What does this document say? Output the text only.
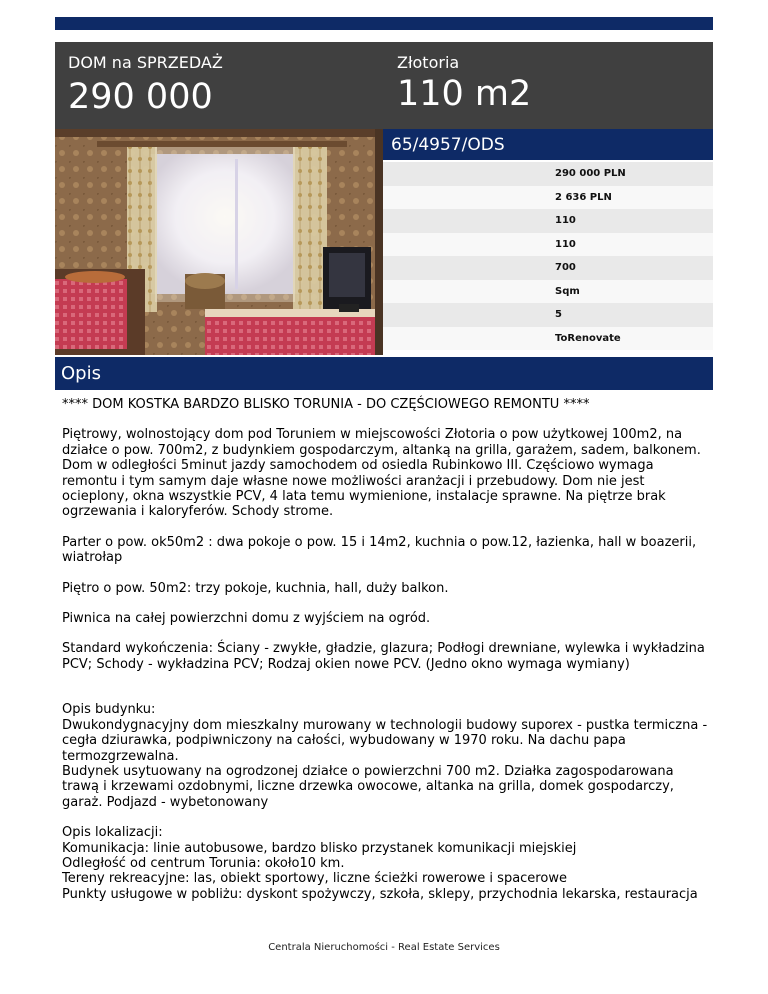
DOM na SPRZEDAŻ
290 000
Złotoria
110 m2
65/4957/ODS
290 000 PLN
2 636 PLN
110
110
700
Sqm
5
ToRenovate
Opis

**** DOM KOSTKA BARDZO BLISKO TORUNIA - DO CZĘŚCIOWEGO REMONTU ****

Piętrowy, wolnostojący dom pod Toruniem w miejscowości Złotoria o pow użytkowej 100m2, na działce o pow. 700m2, z budynkiem gospodarczym, altanką na grilla, garażem, sadem, balkonem.
Dom w odległości 5minut jazdy samochodem od osiedla Rubinkowo III. Częściowo wymaga remontu i tym samym daje własne nowe możliwości aranżacji i przebudowy. Dom nie jest ocieplony, okna wszystkie PCV, 4 lata temu wymienione, instalacje sprawne. Na piętrze brak ogrzewania i kaloryferów. Schody strome.

Parter o pow. ok50m2 : dwa pokoje o pow. 15 i 14m2, kuchnia o pow.12, łazienka, hall w boazerii, wiatrołap

Piętro o pow. 50m2: trzy pokoje, kuchnia, hall, duży balkon.

Piwnica na całej powierzchni domu z wyjściem na ogród.

Standard wykończenia: Ściany - zwykłe, gładzie, glazura; Podłogi drewniane, wylewka i wykładzina PCV; Schody - wykładzina PCV; Rodzaj okien nowe PCV. (Jedno okno wymaga wymiany)

Opis budynku:
Dwukondygnacyjny dom mieszkalny murowany w technologii budowy suporex - pustka termiczna - cegła dziurawka, podpiwniczony na całości, wybudowany w 1970 roku. Na dachu papa termozgrzewalna.
Budynek usytuowany na ogrodzonej działce o powierzchni 700 m2. Działka zagospodarowana trawą i krzewami ozdobnymi, liczne drzewka owocowe, altanka na grilla, domek gospodarczy, garaż. Podjazd - wybetonowany

Opis lokalizacji:
Komunikacja: linie autobusowe, bardzo blisko przystanek komunikacji miejskiej
Odległość od centrum Torunia: około10 km.
Tereny rekreacyjne: las, obiekt sportowy, liczne ścieżki rowerowe i spacerowe
Punkty usługowe w pobliżu: dyskont spożywczy, szkoła, sklepy, przychodnia lekarska, restauracja

Centrala Nieruchomości - Real Estate Services
